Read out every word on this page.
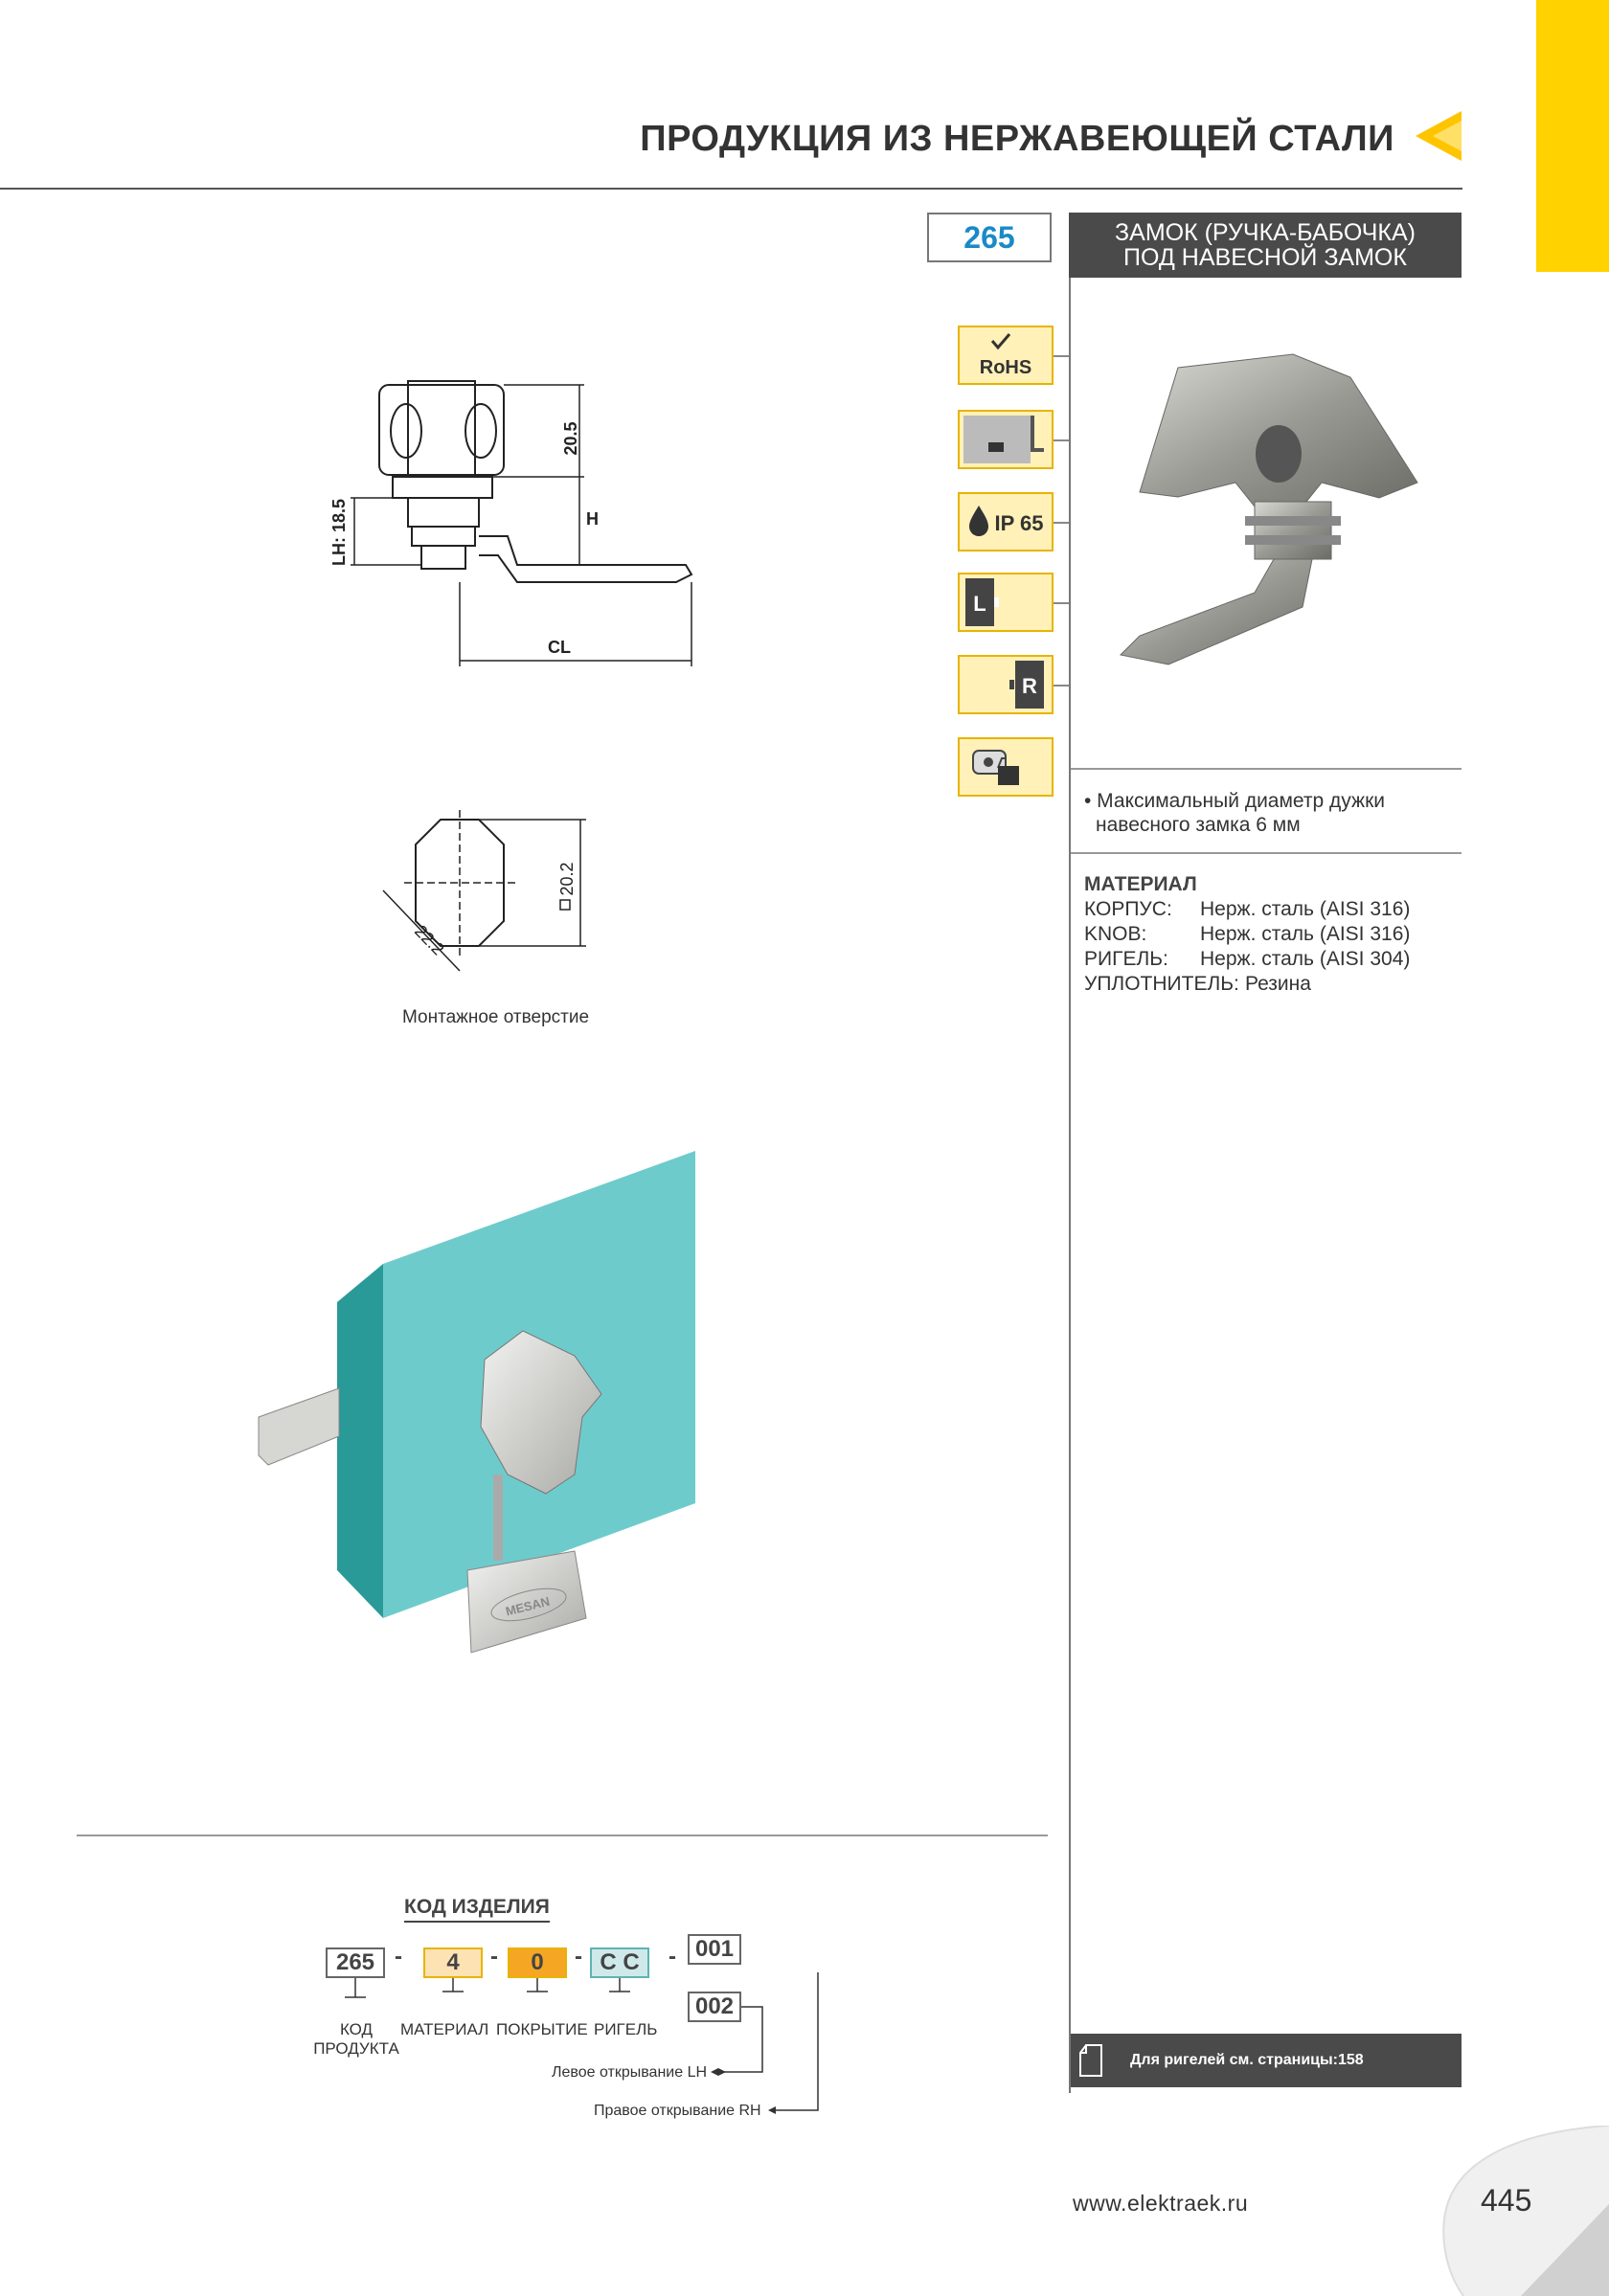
ПРОДУКЦИЯ ИЗ НЕРЖАВЕЮЩЕЙ СТАЛИ
265	ЗАМОК (РУЧКА-БАБОЧКА)
ПОД НАВЕСНОЙ ЗАМОК
RoHS
IP 65
L
R
• Максимальный диаметр дужки
навесного замка 6 мм
МАТЕРИАЛ
КОРПУС: Нерж. сталь (AISI 316)
KNOB:	Нерж. сталь (AISI 316)
РИГЕЛЬ: Нерж. сталь (AISI 304)
УПЛОТНИТЕЛЬ: Резина
20.5
H
LH: 18.5
CL
20.2
22.2
Монтажное отверстие
MESAN
КОД ИЗДЕЛИЯ
265 -	4	-	0	- C C	- 001
002
КОД
ПРОДУКТА
МАТЕРИАЛ ПОКРЫТИЕ РИГЕЛЬ
Левое открывание LH
Правое открывание RH
Для ригелей см. страницы:158
www.elektraek.ru	445
